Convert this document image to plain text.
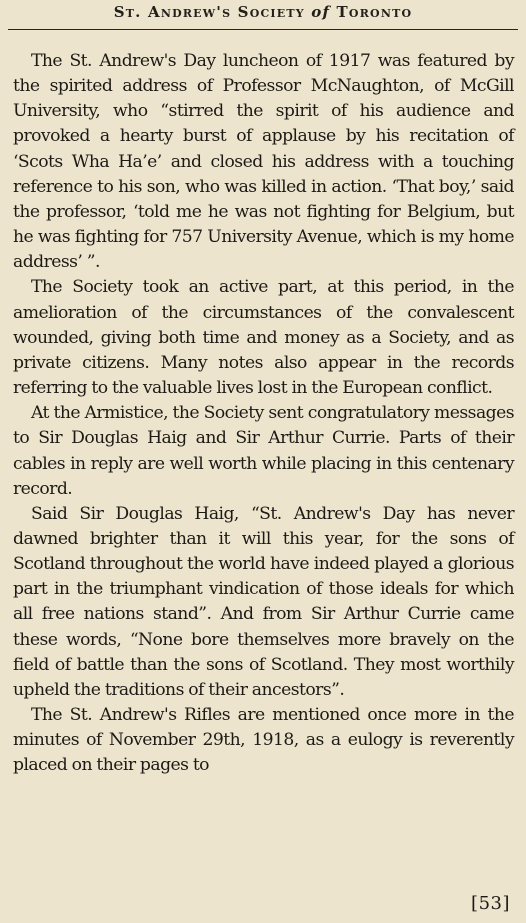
St. Andrew's Society of Toronto

The St. Andrew's Day luncheon of 1917 was featured by the spirited address of Professor McNaughton, of McGill University, who “stirred the spirit of his audience and provoked a hearty burst of applause by his recitation of ‘Scots Wha Ha’e’ and closed his address with a touching reference to his son, who was killed in action. ‘That boy,’ said the professor, ‘told me he was not fighting for Belgium, but he was fighting for 757 University Avenue, which is my home address’ ”.

The Society took an active part, at this period, in the amelioration of the circumstances of the convalescent wounded, giving both time and money as a Society, and as private citizens. Many notes also appear in the records referring to the valuable lives lost in the European conflict.

At the Armistice, the Society sent congratulatory messages to Sir Douglas Haig and Sir Arthur Currie. Parts of their cables in reply are well worth while placing in this centenary record.

Said Sir Douglas Haig, “St. Andrew's Day has never dawned brighter than it will this year, for the sons of Scotland throughout the world have indeed played a glorious part in the triumphant vindication of those ideals for which all free nations stand”. And from Sir Arthur Currie came these words, “None bore themselves more bravely on the field of battle than the sons of Scotland. They most worthily upheld the traditions of their ancestors”.

The St. Andrew's Rifles are mentioned once more in the minutes of November 29th, 1918, as a eulogy is reverently placed on their pages to

[53]
